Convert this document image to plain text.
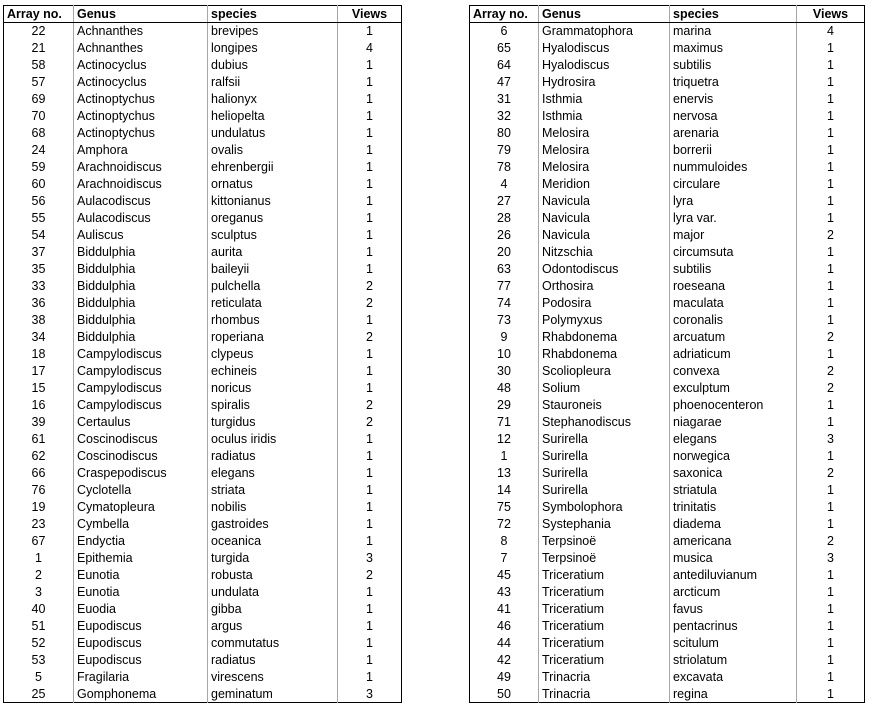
Array no.	Genus	species	Views
22	Achnanthes	brevipes	1
21	Achnanthes	longipes	4
58	Actinocyclus	dubius	1
57	Actinocyclus	ralfsii	1
69	Actinoptychus	halionyx	1
70	Actinoptychus	heliopelta	1
68	Actinoptychus	undulatus	1
24	Amphora	ovalis	1
59	Arachnoidiscus	ehrenbergii	1
60	Arachnoidiscus	ornatus	1
56	Aulacodiscus	kittonianus	1
55	Aulacodiscus	oreganus	1
54	Auliscus	sculptus	1
37	Biddulphia	aurita	1
35	Biddulphia	baileyii	1
33	Biddulphia	pulchella	2
36	Biddulphia	reticulata	2
38	Biddulphia	rhombus	1
34	Biddulphia	roperiana	2
18	Campylodiscus	clypeus	1
17	Campylodiscus	echineis	1
15	Campylodiscus	noricus	1
16	Campylodiscus	spiralis	2
39	Certaulus	turgidus	2
61	Coscinodiscus	oculus iridis	1
62	Coscinodiscus	radiatus	1
66	Craspepodiscus	elegans	1
76	Cyclotella	striata	1
19	Cymatopleura	nobilis	1
23	Cymbella	gastroides	1
67	Endyctia	oceanica	1
1	Epithemia	turgida	3
2	Eunotia	robusta	2
3	Eunotia	undulata	1
40	Euodia	gibba	1
51	Eupodiscus	argus	1
52	Eupodiscus	commutatus	1
53	Eupodiscus	radiatus	1
5	Fragilaria	virescens	1
25	Gomphonema	geminatum	3
Array no.	Genus	species	Views
6	Grammatophora	marina	4
65	Hyalodiscus	maximus	1
64	Hyalodiscus	subtilis	1
47	Hydrosira	triquetra	1
31	Isthmia	enervis	1
32	Isthmia	nervosa	1
80	Melosira	arenaria	1
79	Melosira	borrerii	1
78	Melosira	nummuloides	1
4	Meridion	circulare	1
27	Navicula	lyra	1
28	Navicula	lyra var.	1
26	Navicula	major	2
20	Nitzschia	circumsuta	1
63	Odontodiscus	subtilis	1
77	Orthosira	roeseana	1
74	Podosira	maculata	1
73	Polymyxus	coronalis	1
9	Rhabdonema	arcuatum	2
10	Rhabdonema	adriaticum	1
30	Scoliopleura	convexa	2
48	Solium	exculptum	2
29	Stauroneis	phoenocenteron	1
71	Stephanodiscus	niagarae	1
12	Surirella	elegans	3
1	Surirella	norwegica	1
13	Surirella	saxonica	2
14	Surirella	striatula	1
75	Symbolophora	trinitatis	1
72	Systephania	diadema	1
8	Terpsinoë	americana	2
7	Terpsinoë	musica	3
45	Triceratium	antediluvianum	1
43	Triceratium	arcticum	1
41	Triceratium	favus	1
46	Triceratium	pentacrinus	1
44	Triceratium	scitulum	1
42	Triceratium	striolatum	1
49	Trinacria	excavata	1
50	Trinacria	regina	1
